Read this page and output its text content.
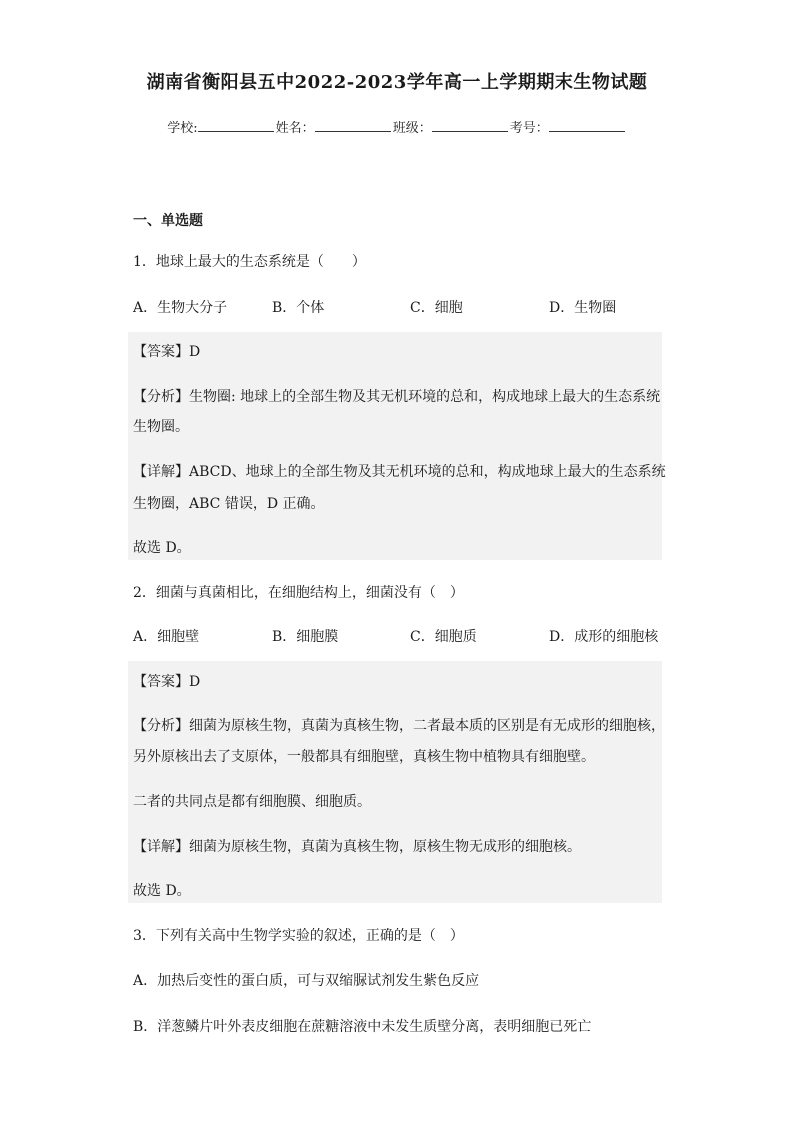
湖南省衡阳县五中2022-2023学年高一上学期期末生物试题
学校:	姓名：	班级：	考号：
一、单选题
1．地球上最大的生态系统是（　　）
A．生物大分子	B．个体	C．细胞	D．生物圈
【答案】D
【分析】生物圈: 地球上的全部生物及其无机环境的总和，构成地球上最大的生态系统
生物圈。
【详解】ABCD、地球上的全部生物及其无机环境的总和，构成地球上最大的生态系统
生物圈，ABC 错误，D 正确。
故选 D。
2．细菌与真菌相比，在细胞结构上，细菌没有（　）
A．细胞壁	B．细胞膜	C．细胞质	D．成形的细胞核
【答案】D
【分析】细菌为原核生物，真菌为真核生物，二者最本质的区别是有无成形的细胞核，
另外原核出去了支原体，一般都具有细胞壁，真核生物中植物具有细胞壁。
二者的共同点是都有细胞膜、细胞质。
【详解】细菌为原核生物，真菌为真核生物，原核生物无成形的细胞核。
故选 D。
3．下列有关高中生物学实验的叙述，正确的是（　）
A．加热后变性的蛋白质，可与双缩脲试剂发生紫色反应
B．洋葱鳞片叶外表皮细胞在蔗糖溶液中未发生质壁分离，表明细胞已死亡
